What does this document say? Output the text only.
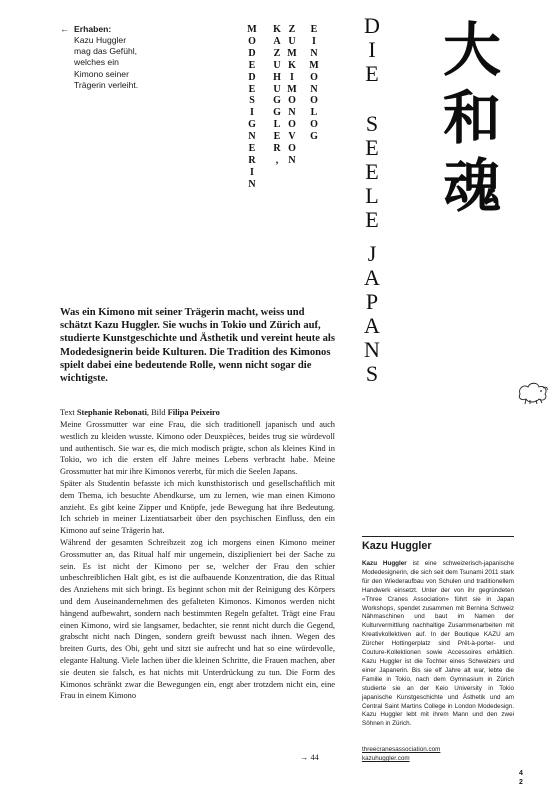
← Erhaben:
Kazu Huggler
mag das Gefühl,
welches ein
Kimono seiner
Trägerin verleiht.
M
O
D
E
D
E
S
I
G
N
E
R
I
N
K
A
Z
U
H
U
G
G
L
E
R
,
Z
U
M
K
I
M
O
N
O
V
O
N
E
I
N
M
O
N
O
L
O
G
D
I
E
S
E
E
L
E
J
A
P
A
N
S
大
和
魂

Was ein Kimono mit seiner Trägerin macht, weiss und schätzt Kazu Huggler. Sie wuchs in Tokio und Zürich auf, studierte Kunstgeschichte und Ästhetik und vereint heute als Modedesignerin beide Kulturen. Die Tradition des Kimonos spielt dabei eine bedeutende Rolle, wenn nicht sogar die wichtigste.

Text Stephanie Rebonati, Bild Filipa Peixeiro

Meine Grossmutter war eine Frau, die sich traditionell japanisch und auch westlich zu kleiden wusste. Kimono oder Deuxpièces, beides trug sie würdevoll und authentisch. Sie war es, die mich modisch prägte, schon als kleines Kind in Tokio, wo ich die ersten elf Jahre meines Lebens verbracht habe. Meine Grossmutter hat mir ihre Kimonos vererbt, für mich die Seelen Japans.

Später als Studentin befasste ich mich kunsthistorisch und gesellschaftlich mit dem Thema, ich besuchte Abendkurse, um zu lernen, wie man einen Kimono anzieht. Es gibt keine Zipper und Knöpfe, jede Bewegung hat ihre Bedeutung. Ich schrieb in meiner Lizentiatsarbeit über den psychischen Einfluss, den ein Kimono auf seine Trägerin hat.

Während der gesamten Schreibzeit zog ich morgens einen Kimono meiner Grossmutter an, das Ritual half mir ungemein, disziplieniert bei der Sache zu sein. Es ist nicht der Kimono per se, welcher der Frau den schier unbeschreiblichen Halt gibt, es ist die aufbauende Konzentration, die das Ritual des Anziehens mit sich bringt. Es beginnt schon mit der Reinigung des Körpers und dem Auseinandernehmen des gefalteten Kimonos. Kimonos werden nicht hängend aufbewahrt, sondern nach bestimmten Regeln gefaltet. Trägt eine Frau einen Kimono, wird sie langsamer, bedachter, sie rennt nicht durch die Gegend, grabscht nicht nach Dingen, sondern greift bewusst nach ihnen. Wegen des breiten Gurts, des Obi, geht und sitzt sie aufrecht und hat so eine würdevolle, elegante Haltung. Viele lachen über die kleinen Schritte, die Frauen machen, aber sie deuten sie falsch, es hat nichts mit Unterdrückung zu tun. Die Form des Kimonos schränkt zwar die Bewegungen ein, engt aber trotzdem nicht ein, eine Frau in einem Kimono

→ 44
Kazu Huggler
Kazu Huggler ist eine schweizerisch-japanische Modedesignerin, die sich seit dem Tsunami 2011 stark für den Wiederaufbau von Schulen und traditionellem Handwerk einsetzt. Unter der von ihr gegründeten «Three Cranes Association» führt sie in Japan Workshops, spendet zusammen mit Bernina Schweiz Nähmaschinen und baut im Namen der Kulturvermittlung nachhaltige Zusammenarbeiten mit Kreativkollektiven auf. In der Boutique KAZU am Zürcher Hottingerplatz sind Prêt-à-porter- und Couture-Kollektionen sowie Accessoires erhältlich. Kazu Huggler ist die Tochter eines Schweizers und einer Japanerin. Bis sie elf Jahre alt war, lebte die Familie in Tokio, nach dem Gymnasium in Zürich studierte sie an der Keio University in Tokio japanische Kunstgeschichte und Ästhetik und am Central Saint Martins College in London Modedesign. Kazu Huggler lebt mit ihrem Mann und den zwei Söhnen in Zürich.
threecranesassociation.com
kazuhuggler.com
4
2
